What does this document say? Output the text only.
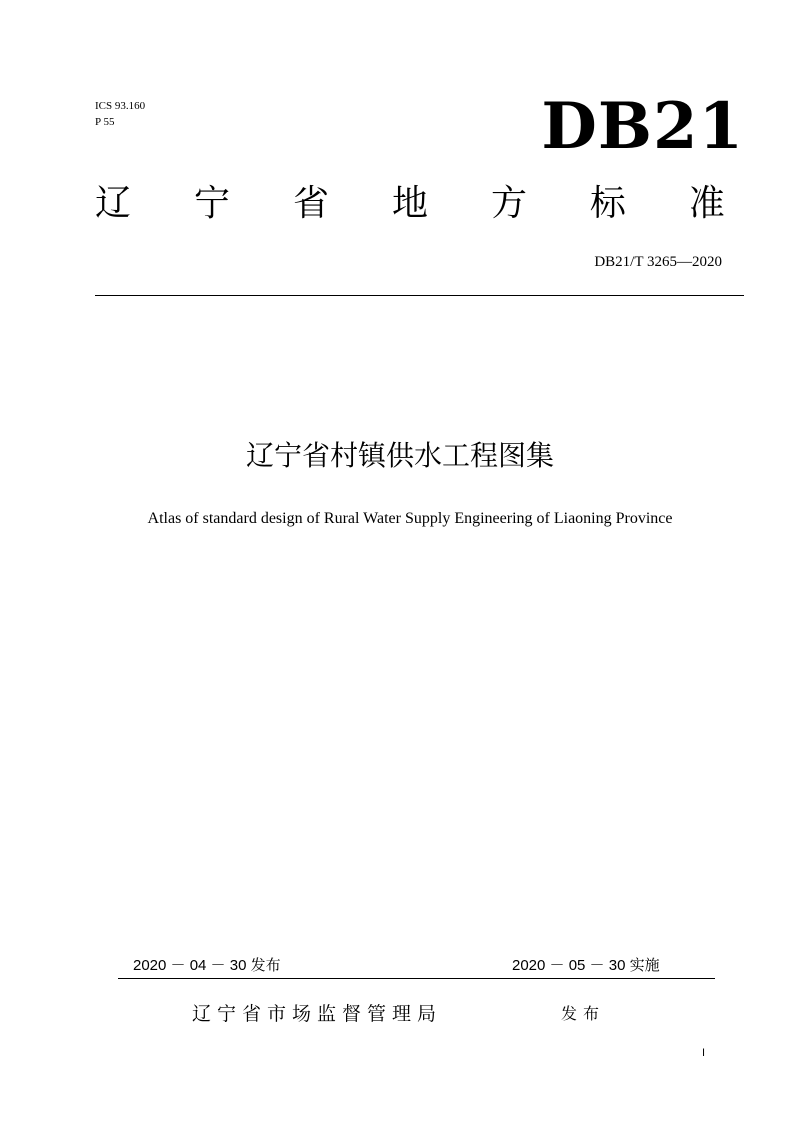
ICS 93.160
P 55	DB21
辽 宁 省 地 方 标 准
DB21/T 3265—2020
辽宁省村镇供水工程图集
Atlas of standard design of Rural Water Supply Engineering of Liaoning Province
2020 － 04 － 30 发布	2020 － 05 － 30 实施
辽宁省市场监督管理局	发布
I
